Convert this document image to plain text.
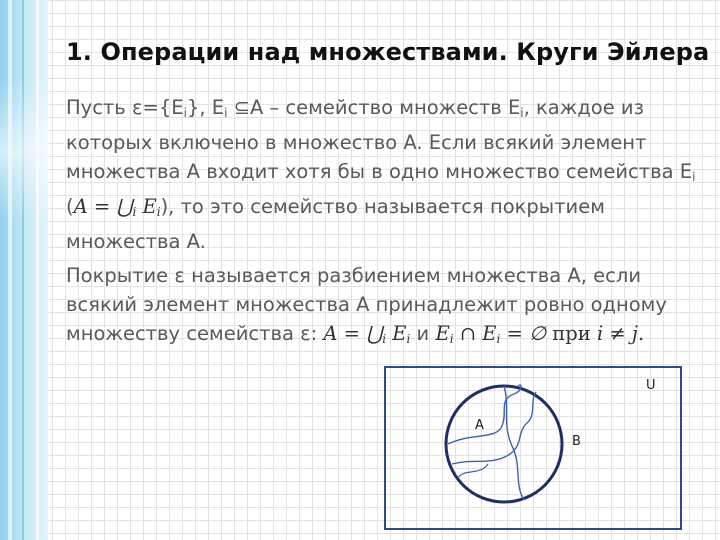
1. Операции над множествами. Круги Эйлера

Пусть $\varepsilon=\{E_i\}$, $E_i$ ⊆A – семейство множеств $E_i$, каждое из которых включено в множество A. Если всякий элемент множества A входит хотя бы в одно множество семейства $E_i$ ($A = ⋃_i$ $E_i$), то это семейство называется покрытием множества A.

Покрытие ε называется разбиением множества A, если всякий элемент множества A принадлежит ровно одному множеству семейства ε: $A = ⋃_i$ $E_i$ и $E_i$ ∩ $E_i$ = ∅ при i ≠ j.

U
A
B
